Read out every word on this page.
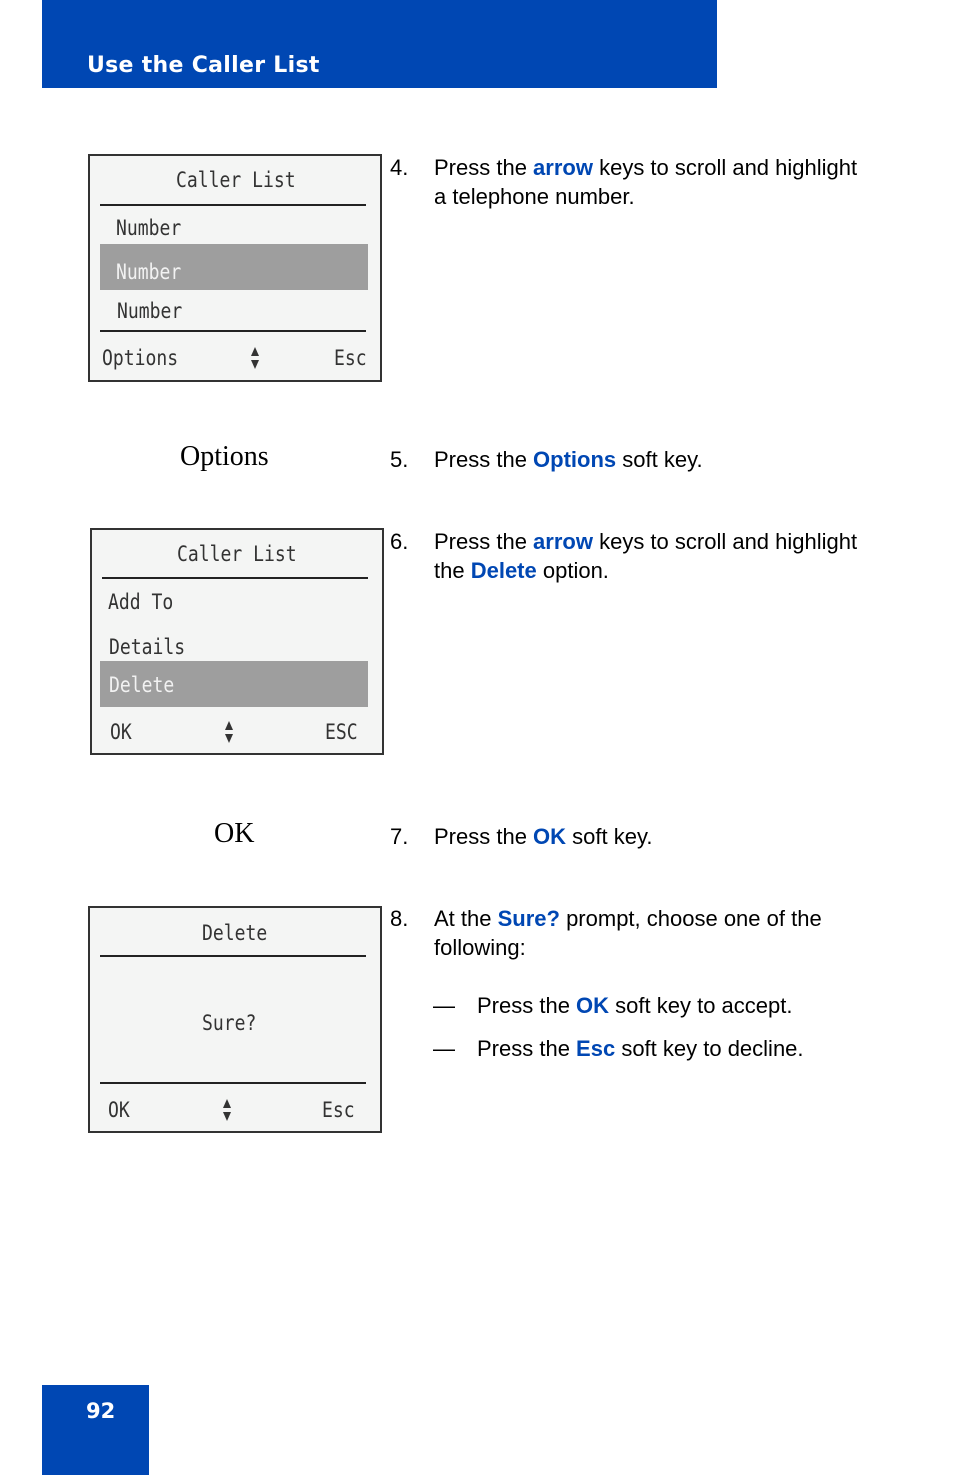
Use the Caller List
Caller List
Number
Number
Number
Options	Esc
4. Press the arrow keys to scroll and highlight a telephone number.
Options	5. Press the Options soft key.
Caller List
Add To
Details
Delete
OK	ESC
6. Press the arrow keys to scroll and highlight the Delete option.
OK	7. Press the OK soft key.
Delete
Sure?
OK	Esc
8. At the Sure? prompt, choose one of the following:
— Press the OK soft key to accept.
— Press the Esc soft key to decline.
92
